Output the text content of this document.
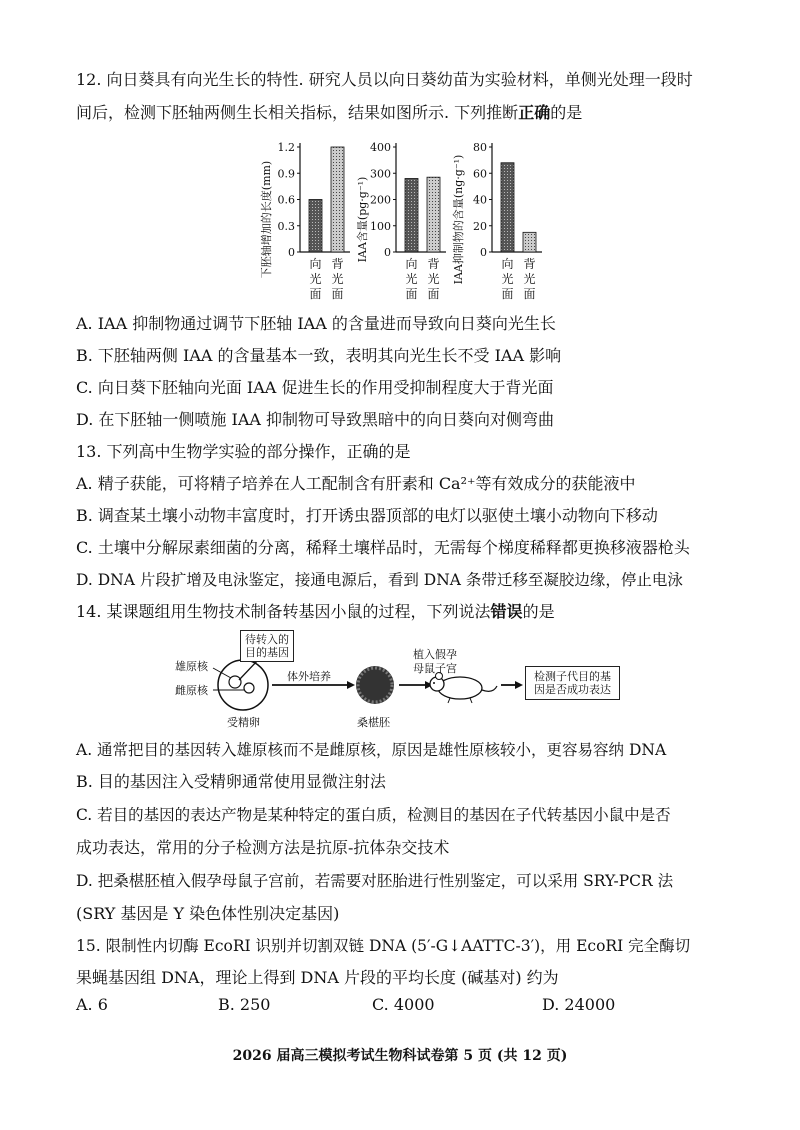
12. 向日葵具有向光生长的特性. 研究人员以向日葵幼苗为实验材料，单侧光处理一段时
间后，检测下胚轴两侧生长相关指标，结果如图所示. 下列推断正确的是
0
0.3
0.6
0.9
1.2
下胚轴增加的长度(mm)	向
光
面
背
光
面
0
100
200
300
400
IAA含量(pg·g⁻¹)
向
光
面
背
光
面
0
20
40
60
80
IAA抑制物的含量(ng·g⁻¹)	向
光
面
背
光
面
A. IAA 抑制物通过调节下胚轴 IAA 的含量进而导致向日葵向光生长
B. 下胚轴两侧 IAA 的含量基本一致，表明其向光生长不受 IAA 影响
C. 向日葵下胚轴向光面 IAA 促进生长的作用受抑制程度大于背光面
D. 在下胚轴一侧喷施 IAA 抑制物可导致黑暗中的向日葵向对侧弯曲
13. 下列高中生物学实验的部分操作，正确的是
A. 精子获能，可将精子培养在人工配制含有肝素和 Ca²⁺等有效成分的获能液中
B. 调查某土壤小动物丰富度时，打开诱虫器顶部的电灯以驱使土壤小动物向下移动
C. 土壤中分解尿素细菌的分离，稀释土壤样品时，无需每个梯度稀释都更换移液器枪头
D. DNA 片段扩增及电泳鉴定，接通电源后，看到 DNA 条带迁移至凝胶边缘，停止电泳
14. 某课题组用生物技术制备转基因小鼠的过程，下列说法错误的是
待转入的
目的基因
检测子代目的基
因是否成功表达
雄原核
雌原核
体外培养
受精卵	桑椹胚
植入假孕
母鼠子宫
A. 通常把目的基因转入雄原核而不是雌原核，原因是雄性原核较小，更容易容纳 DNA
B. 目的基因注入受精卵通常使用显微注射法
C. 若目的基因的表达产物是某种特定的蛋白质，检测目的基因在子代转基因小鼠中是否
成功表达，常用的分子检测方法是抗原-抗体杂交技术
D. 把桑椹胚植入假孕母鼠子宫前，若需要对胚胎进行性别鉴定，可以采用 SRY-PCR 法
(SRY 基因是 Y 染色体性别决定基因)
15. 限制性内切酶 EcoRI 识别并切割双链 DNA (5′-G↓AATTC-3′)，用 EcoRI 完全酶切
果蝇基因组 DNA，理论上得到 DNA 片段的平均长度 (碱基对) 约为
A. 6	B. 250	C. 4000	D. 24000
2026 届高三模拟考试生物科试卷第 5 页 (共 12 页)
